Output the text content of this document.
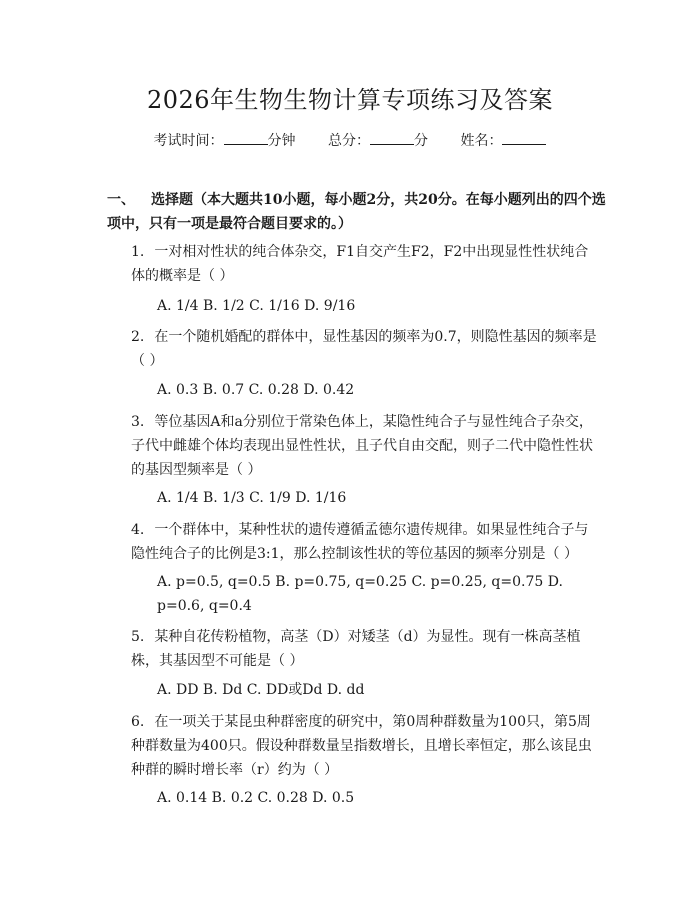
2026年生物生物计算专项练习及答案
考试时间：	分钟 总分：	分 姓名：
一、 选择题（本大题共10小题，每小题2分，共20分。在每小题列出的四个选项中，只有一项是最符合题目要求的。）
1. 一对相对性状的纯合体杂交，F1自交产生F2，F2中出现显性性状纯合体的概率是（ ）
A. 1/4 B. 1/2 C. 1/16 D. 9/16
2. 在一个随机婚配的群体中，显性基因的频率为0.7，则隐性基因的频率是（ ）
A. 0.3 B. 0.7 C. 0.28 D. 0.42
3. 等位基因A和a分别位于常染色体上，某隐性纯合子与显性纯合子杂交，子代中雌雄个体均表现出显性性状，且子代自由交配，则子二代中隐性性状的基因型频率是（ ）
A. 1/4 B. 1/3 C. 1/9 D. 1/16
4. 一个群体中，某种性状的遗传遵循孟德尔遗传规律。如果显性纯合子与隐性纯合子的比例是3:1，那么控制该性状的等位基因的频率分别是（ ）
A. p=0.5, q=0.5 B. p=0.75, q=0.25 C. p=0.25, q=0.75 D. p=0.6, q=0.4
5. 某种自花传粉植物，高茎（D）对矮茎（d）为显性。现有一株高茎植株，其基因型不可能是（ ）
A. DD B. Dd C. DD或Dd D. dd
6. 在一项关于某昆虫种群密度的研究中，第0周种群数量为100只，第5周种群数量为400只。假设种群数量呈指数增长，且增长率恒定，那么该昆虫种群的瞬时增长率（r）约为（ ）
A. 0.14 B. 0.2 C. 0.28 D. 0.5
